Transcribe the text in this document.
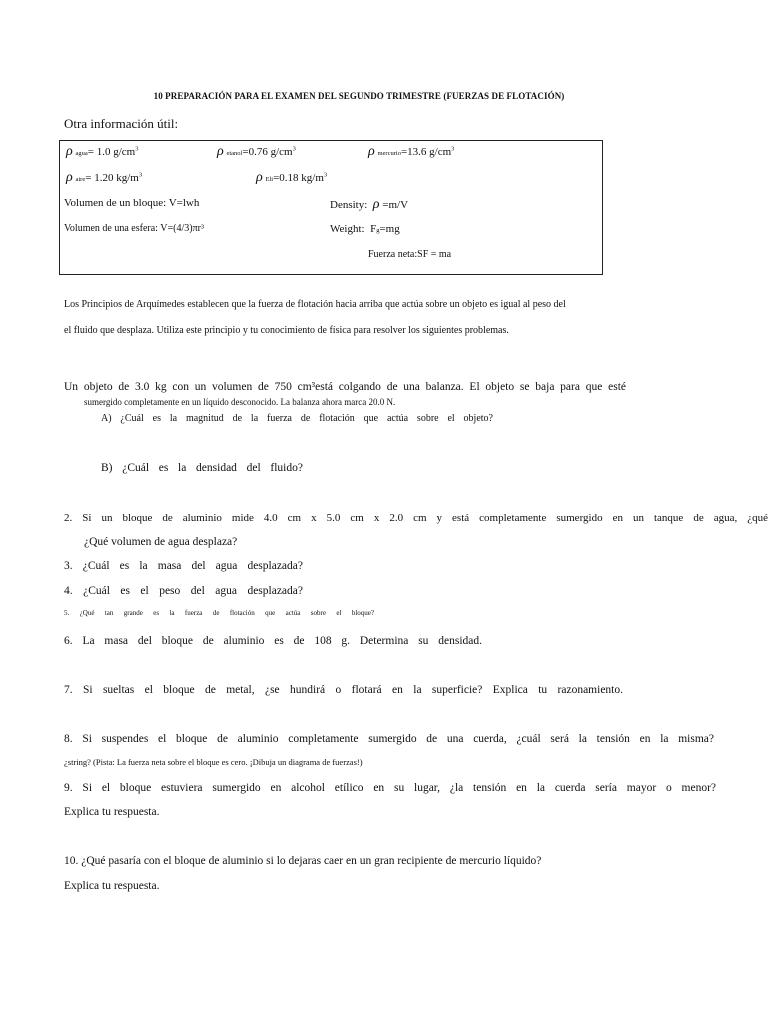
10 PREPARACIÓN PARA EL EXAMEN DEL SEGUNDO TRIMESTRE (FUERZAS DE FLOTACIÓN)
Otra información útil:
ρ agua= 1.0 $g/cm^3$	ρ etanol=0.76 $g/cm^3$	ρ mercurio=13.6 $g/cm^3$
ρ aire= 1.20 $kg/m^3$	ρ Eli=0.18 $kg/m^3$
Volumen de un bloque: V=lwh	Density: ρ =m/V
Volumen de una esfera: V=(4/3)πr³	Weight: Fg=mg
Fuerza neta:SF = ma
Los Principios de Arquímedes establecen que la fuerza de flotación hacia arriba que actúa sobre un objeto es igual al peso del
el fluido que desplaza. Utiliza este principio y tu conocimiento de física para resolver los siguientes problemas.
Un objeto de 3.0 kg con un volumen de 750 cm³está colgando de una balanza. El objeto se baja para que esté
sumergido completamente en un líquido desconocido. La balanza ahora marca 20.0 N.
A) ¿Cuál es la magnitud de la fuerza de flotación que actúa sobre el objeto?
B) ¿Cuál es la densidad del fluido?
2. Si un bloque de aluminio mide 4.0 cm x 5.0 cm x 2.0 cm y está completamente sumergido en un tanque de agua, ¿qué
¿Qué volumen de agua desplaza?
3. ¿Cuál es la masa del agua desplazada?
4. ¿Cuál es el peso del agua desplazada?
5. ¿Qué tan grande es la fuerza de flotación que actúa sobre el bloque?
6. La masa del bloque de aluminio es de 108 g. Determina su densidad.
7. Si sueltas el bloque de metal, ¿se hundirá o flotará en la superficie? Explica tu razonamiento.
8. Si suspendes el bloque de aluminio completamente sumergido de una cuerda, ¿cuál será la tensión en la misma?
¿string? (Pista: La fuerza neta sobre el bloque es cero. ¡Dibuja un diagrama de fuerzas!)
9. Si el bloque estuviera sumergido en alcohol etílico en su lugar, ¿la tensión en la cuerda sería mayor o menor?
Explica tu respuesta.
10. ¿Qué pasaría con el bloque de aluminio si lo dejaras caer en un gran recipiente de mercurio líquido?
Explica tu respuesta.
